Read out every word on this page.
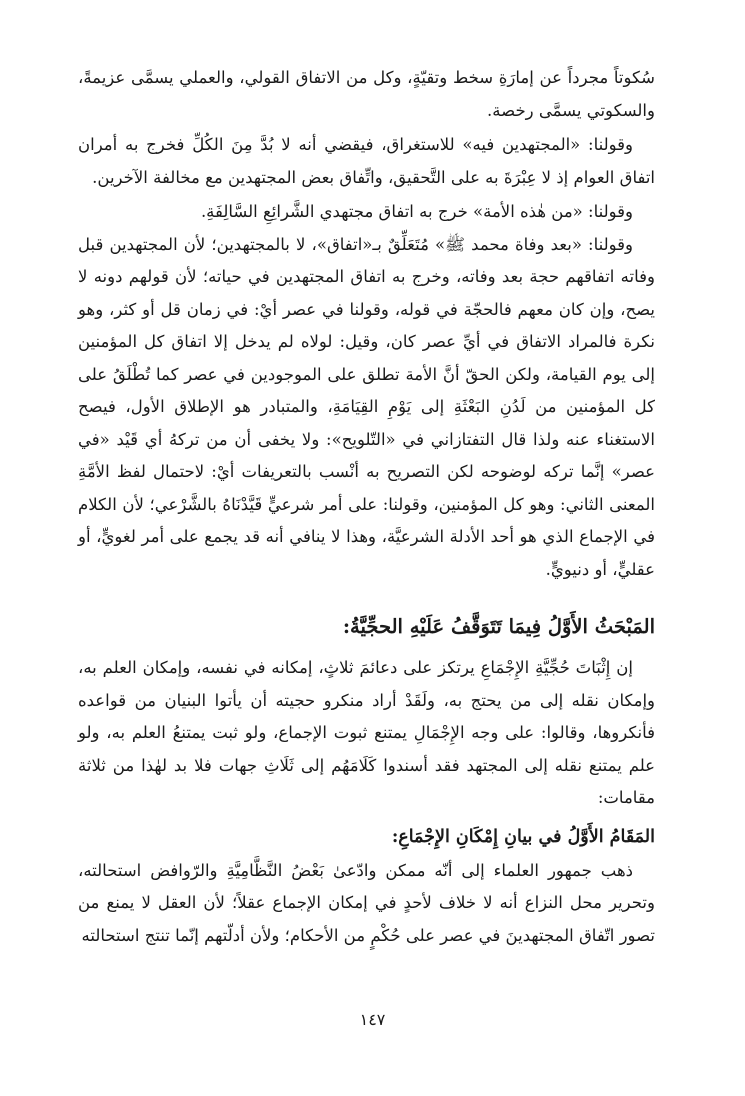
سُكوتاً مجرداً عن إمارَةِ سخط وتقيّةٍ، وكل من الاتفاق القولي، والعملي يسمَّى عزيمةً، والسكوتي يسمَّى رخصة.

وقولنا: «المجتهدين فيه» للاستغراق، فيقضي أنه لا بُدَّ مِنَ الكُلِّ فخرج به أمران اتفاق العوام إذ لا عِبْرَةَ به على التَّحقيق، واتِّفاق بعض المجتهدين مع مخالفة الآخرين.

وقولنا: «من هٰذه الأمة» خرج به اتفاق مجتهدي الشَّرائِعِ السَّالِفَةِ.

وقولنا: «بعد وفاة محمد ﷺ» مُتَعَلِّقٌ بـ«اتفاق»، لا بالمجتهدين؛ لأن المجتهدين قبل وفاته اتفاقهم حجة بعد وفاته، وخرج به اتفاق المجتهدين في حياته؛ لأن قولهم دونه لا يصح، وإن كان معهم فالحجّة في قوله، وقولنا في عصر أيْ: في زمان قل أو كثر، وهو نكرة فالمراد الاتفاق في أيِّ عصر كان، وقيل: لولاه لم يدخل إلا اتفاق كل المؤمنين إلى يوم القيامة، ولكن الحقّ أنَّ الأمة تطلق على الموجودين في عصر كما تُطْلَقُ على كل المؤمنين من لَدُنِ البَعْثَةِ إلى يَوْمِ القِيَامَةِ، والمتبادر هو الإطلاق الأول، فيصح الاستغناء عنه ولذا قال التفتازاني في «التّلويح»: ولا يخفى أن من تركهُ أي قَيْد «في عصر» إنَّما تركه لوضوحه لكن التصريح به أنْسب بالتعريفات أيْ: لاحتمال لفظ الأمَّةِ المعنى الثاني: وهو كل المؤمنين، وقولنا: على أمر شرعيٍّ قَيَّدْنَاهُ بالشَّرْعي؛ لأن الكلام في الإجماع الذي هو أحد الأدلة الشرعيَّة، وهذا لا ينافي أنه قد يجمع على أمر لغويٍّ، أو عقليٍّ، أو دنيويٍّ.

المَبْحَثُ الأَوَّلُ فِيمَا تَتَوَقَّفُ عَلَيْهِ الحجِّيَّةُ:

إن إِثْبَاتَ حُجِّيَّةِ الإِجْمَاعِ يرتكز على دعائمَ ثلاثٍ، إمكانه في نفسه، وإمكان العلم به، وإمكان نقله إلى من يحتج به، ولَقَدْ أراد منكرو حجيته أن يأتوا البنيان من قواعده فأنكروها، وقالوا: على وجه الإِجْمَالِ يمتنع ثبوت الإجماع، ولو ثبت يمتنعُ العلم به، ولو علم يمتنع نقله إلى المجتهد فقد أسندوا كَلَامَهُم إلى ثَلَاثِ جهات فلا بد لهٰذا من ثلاثة مقامات:

المَقَامُ الأَوَّلُ في بيانِ إِمْكَانِ الإِجْمَاعِ:

ذهب جمهور العلماء إلى أنّه ممكن وادّعىٰ بَعْضُ النَّظَّامِيَّةِ والرّوافض استحالته، وتحرير محل النزاع أنه لا خلاف لأحدٍ في إمكان الإجماع عقلاً؛ لأن العقل لا يمنع من تصور اتّفاق المجتهدينَ في عصر على حُكْمٍ من الأحكام؛ ولأن أدلّتهم إنّما تنتج استحالته

١٤٧
